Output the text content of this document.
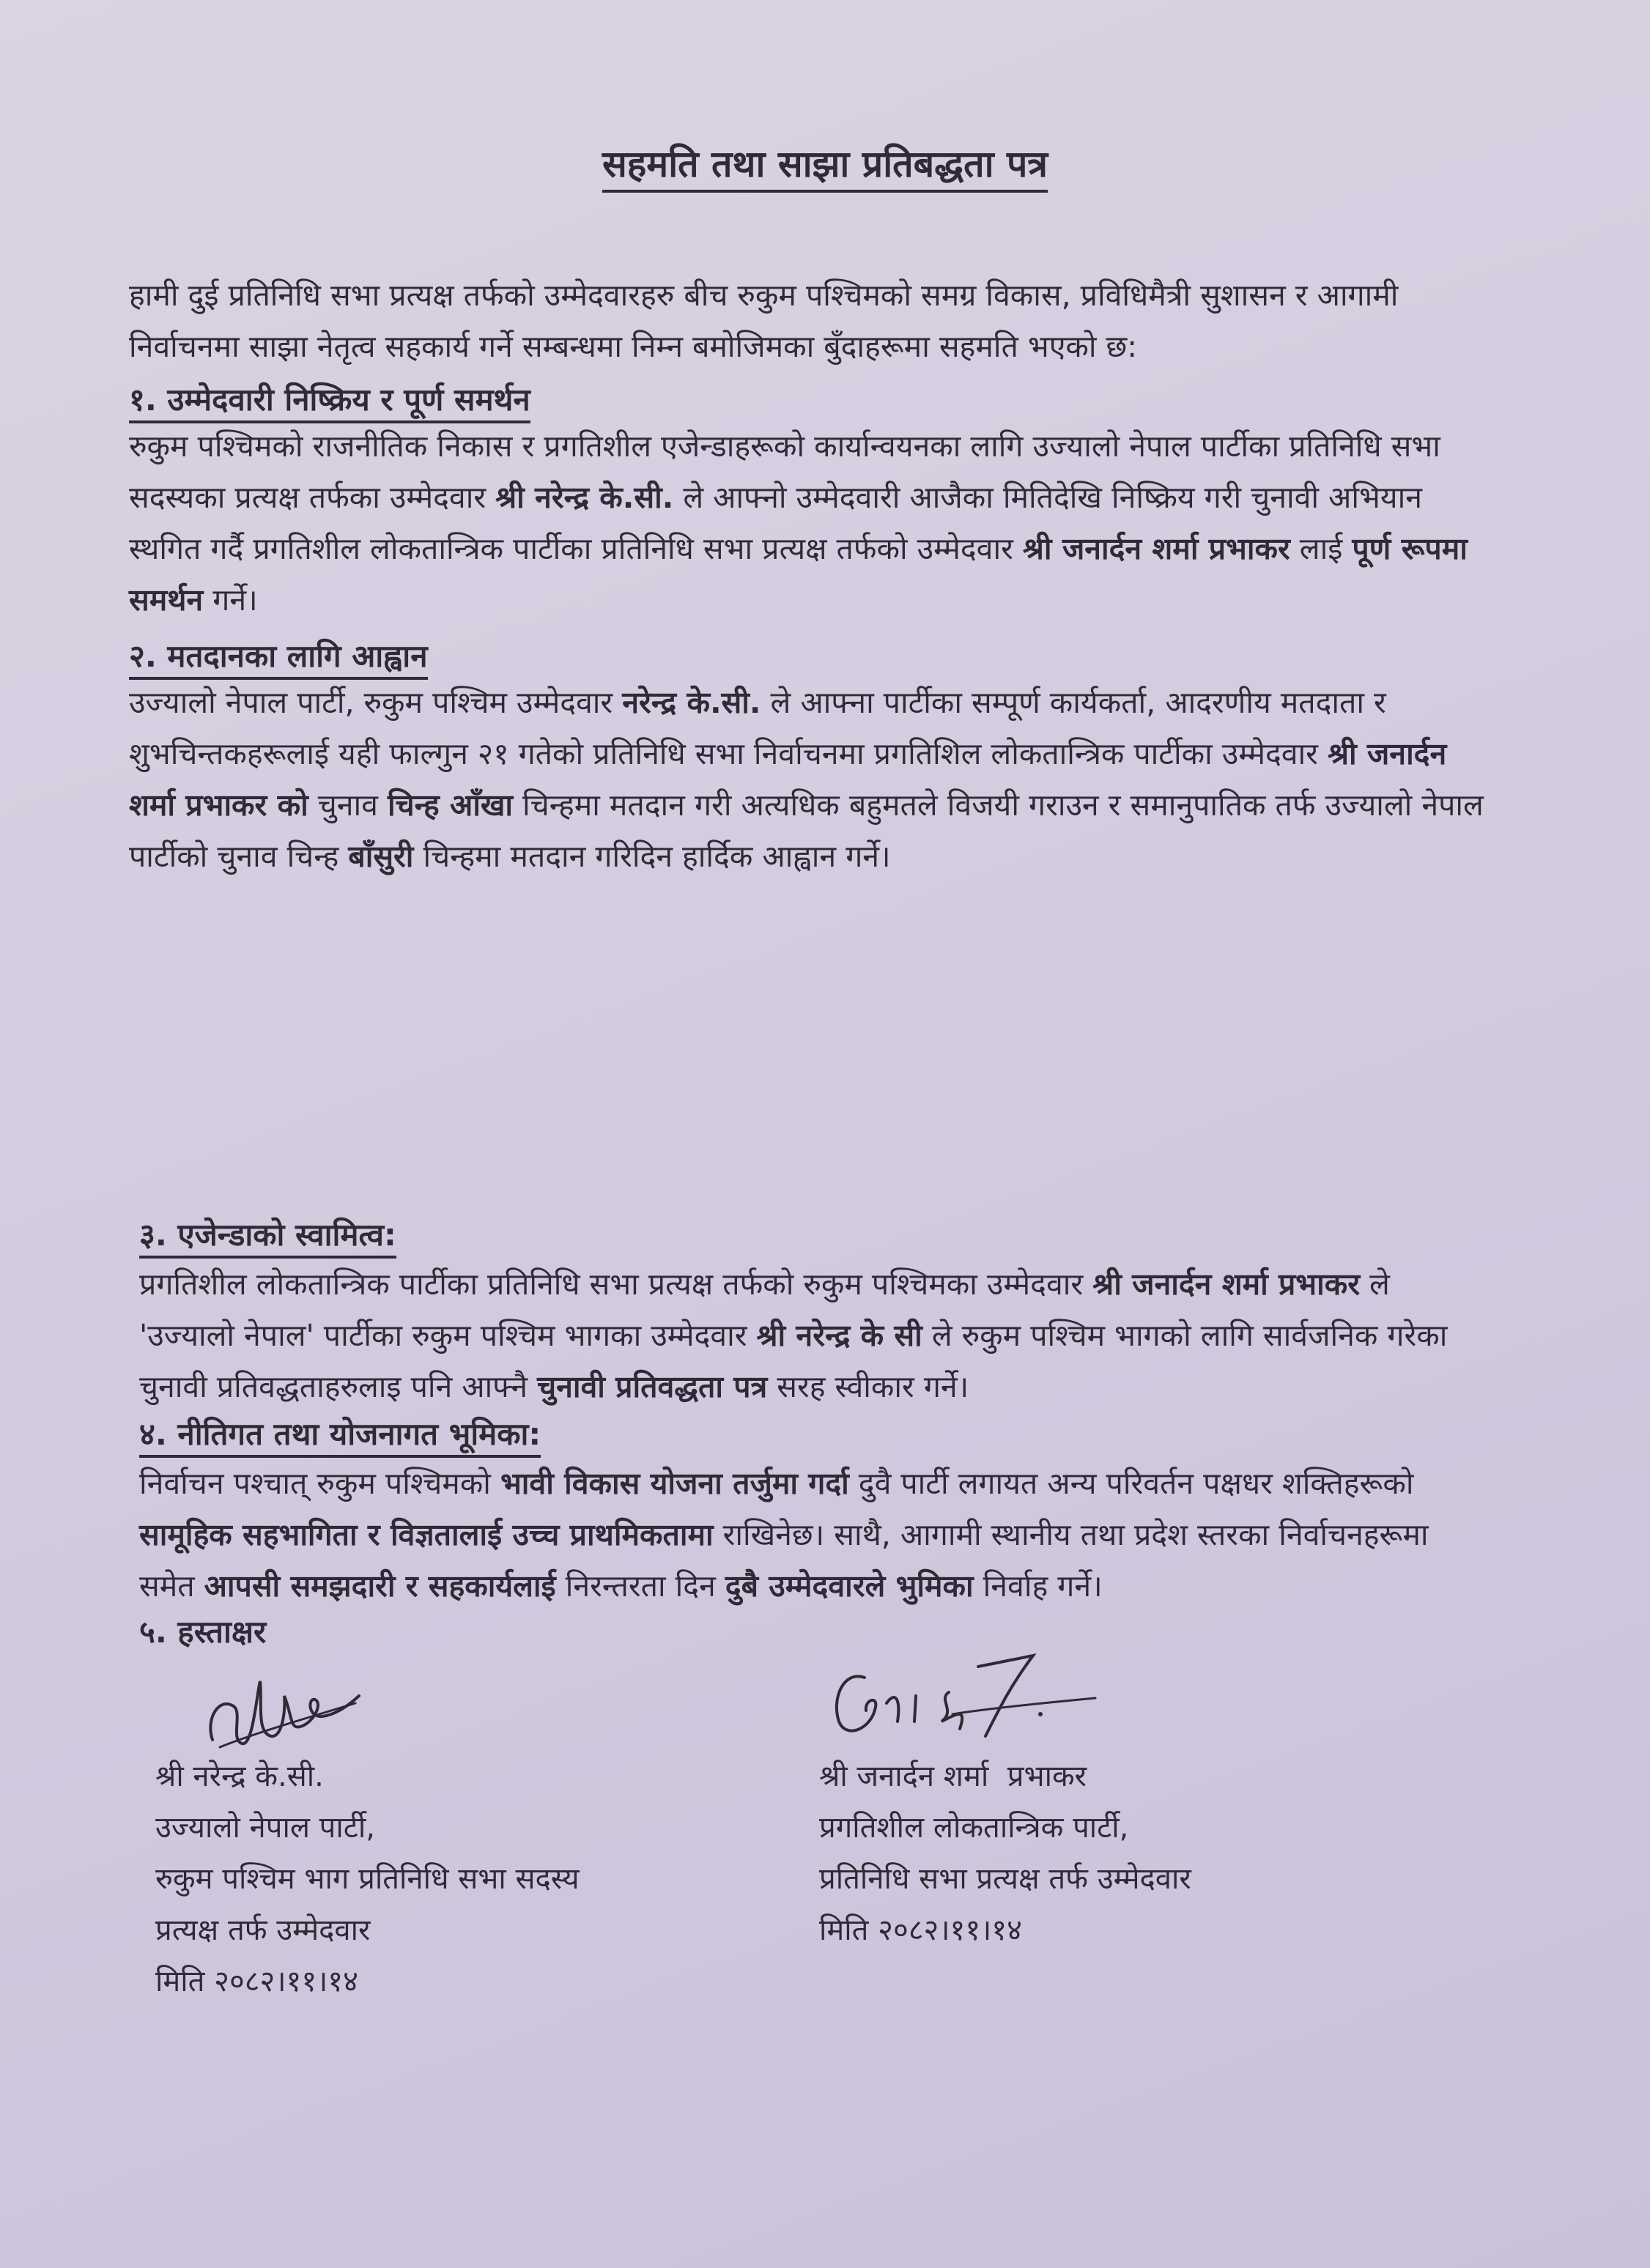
सहमति तथा साझा प्रतिबद्धता पत्र

हामी दुई प्रतिनिधि सभा प्रत्यक्ष तर्फको उम्मेदवारहरु बीच रुकुम पश्चिमको समग्र विकास, प्रविधिमैत्री सुशासन र आगामी निर्वाचनमा साझा नेतृत्व सहकार्य गर्ने सम्बन्धमा निम्न बमोजिमका बुँदाहरूमा सहमति भएको छ:

१. उम्मेदवारी निष्क्रिय र पूर्ण समर्थन

रुकुम पश्चिमको राजनीतिक निकास र प्रगतिशील एजेन्डाहरूको कार्यान्वयनका लागि उज्यालो नेपाल पार्टीका प्रतिनिधि सभा सदस्यका प्रत्यक्ष तर्फका उम्मेदवार श्री नरेन्द्र के.सी. ले आफ्नो उम्मेदवारी आजैका मितिदेखि निष्क्रिय गरी चुनावी अभियान स्थगित गर्दै प्रगतिशील लोकतान्त्रिक पार्टीका प्रतिनिधि सभा प्रत्यक्ष तर्फको उम्मेदवार श्री जनार्दन शर्मा प्रभाकर लाई पूर्ण रूपमा समर्थन गर्ने।

२. मतदानका लागि आह्वान

उज्यालो नेपाल पार्टी, रुकुम पश्चिम उम्मेदवार नरेन्द्र के.सी. ले आफ्ना पार्टीका सम्पूर्ण कार्यकर्ता, आदरणीय मतदाता र शुभचिन्तकहरूलाई यही फाल्गुन २१ गतेको प्रतिनिधि सभा निर्वाचनमा प्रगतिशिल लोकतान्त्रिक पार्टीका उम्मेदवार श्री जनार्दन शर्मा प्रभाकर को चुनाव चिन्ह आँखा चिन्हमा मतदान गरी अत्यधिक बहुमतले विजयी गराउन र समानुपातिक तर्फ उज्यालो नेपाल पार्टीको चुनाव चिन्ह बाँसुरी चिन्हमा मतदान गरिदिन हार्दिक आह्वान गर्ने।

३. एजेन्डाको स्वामित्व:

प्रगतिशील लोकतान्त्रिक पार्टीका प्रतिनिधि सभा प्रत्यक्ष तर्फको रुकुम पश्चिमका उम्मेदवार श्री जनार्दन शर्मा प्रभाकर ले 'उज्यालो नेपाल' पार्टीका रुकुम पश्चिम भागका उम्मेदवार श्री नरेन्द्र के सी ले रुकुम पश्चिम भागको लागि सार्वजनिक गरेका चुनावी प्रतिवद्धताहरुलाइ पनि आफ्नै चुनावी प्रतिवद्धता पत्र सरह स्वीकार गर्ने।

४. नीतिगत तथा योजनागत भूमिका:

निर्वाचन पश्चात् रुकुम पश्चिमको भावी विकास योजना तर्जुमा गर्दा दुवै पार्टी लगायत अन्य परिवर्तन पक्षधर शक्तिहरूको सामूहिक सहभागिता र विज्ञतालाई उच्च प्राथमिकतामा राखिनेछ। साथै, आगामी स्थानीय तथा प्रदेश स्तरका निर्वाचनहरूमा समेत आपसी समझदारी र सहकार्यलाई निरन्तरता दिन दुबै उम्मेदवारले भुमिका निर्वाह गर्ने।

५. हस्ताक्षर
श्री नरेन्द्र के.सी.
उज्यालो नेपाल पार्टी,
रुकुम पश्चिम भाग प्रतिनिधि सभा सदस्य
प्रत्यक्ष तर्फ उम्मेदवार
मिति २०८२।११।१४
श्री जनार्दन शर्मा  प्रभाकर
प्रगतिशील लोकतान्त्रिक पार्टी,
प्रतिनिधि सभा प्रत्यक्ष तर्फ उम्मेदवार
मिति २०८२।११।१४
